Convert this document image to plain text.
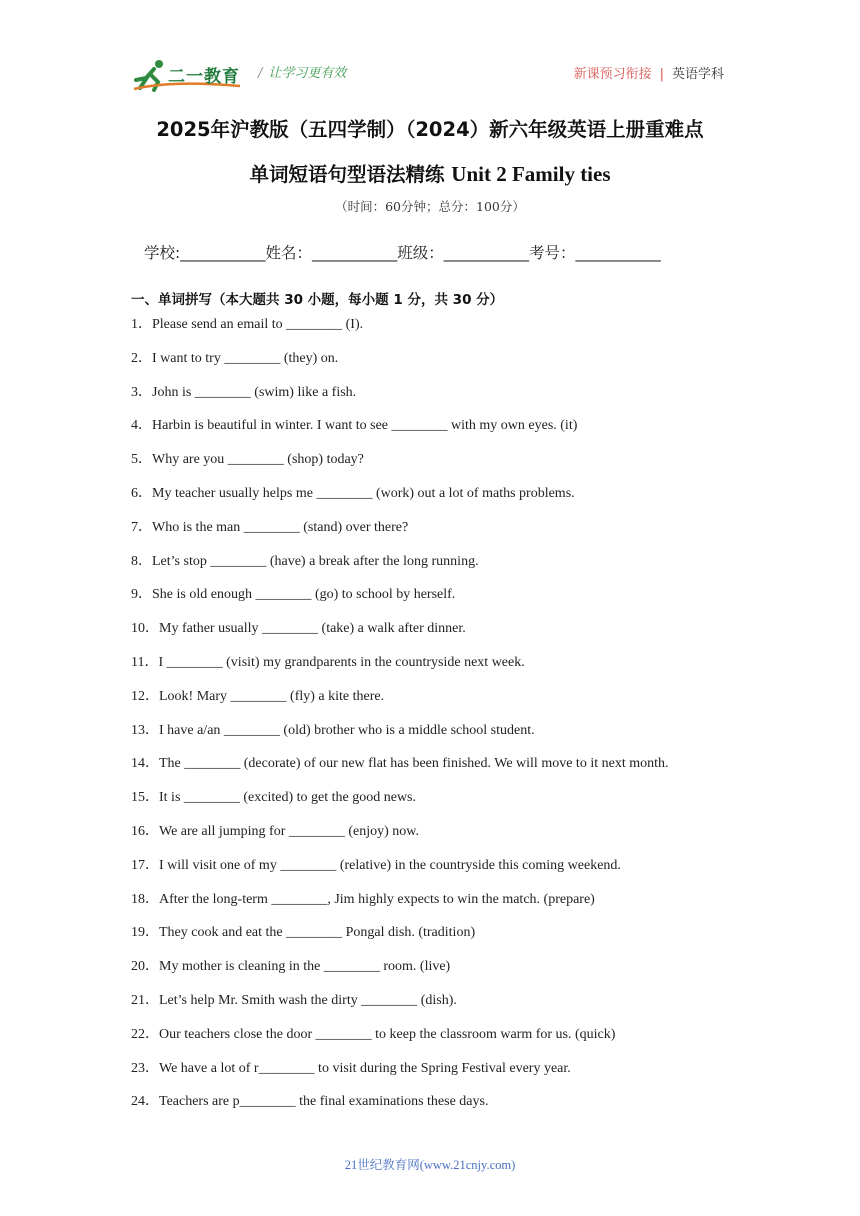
二一教育 / 让学习更有效	新课预习衔接 | 英语学科
2025年沪教版（五四学制）（2024）新六年级英语上册重难点
单词短语句型语法精练 Unit 2 Family ties
（时间：60分钟；总分：100分）
学校:___________姓名：___________班级：___________考号：___________
一、单词拼写（本大题共 30 小题，每小题 1 分，共 30 分）
1．Please send an email to ________ (I).
2．I want to try ________ (they) on.
3．John is ________ (swim) like a fish.
4．Harbin is beautiful in winter. I want to see ________ with my own eyes. (it)
5．Why are you ________ (shop) today?
6．My teacher usually helps me ________ (work) out a lot of maths problems.
7．Who is the man ________ (stand) over there?
8．Let’s stop ________ (have) a break after the long running.
9．She is old enough ________ (go) to school by herself.
10．My father usually ________ (take) a walk after dinner.
11．I ________ (visit) my grandparents in the countryside next week.
12．Look! Mary ________ (fly) a kite there.
13．I have a/an ________ (old) brother who is a middle school student.
14．The ________ (decorate) of our new flat has been finished. We will move to it next month.
15．It is ________ (excited) to get the good news.
16．We are all jumping for ________ (enjoy) now.
17．I will visit one of my ________ (relative) in the countryside this coming weekend.
18．After the long-term ________, Jim highly expects to win the match. (prepare)
19．They cook and eat the ________ Pongal dish. (tradition)
20．My mother is cleaning in the ________ room. (live)
21．Let’s help Mr. Smith wash the dirty ________ (dish).
22．Our teachers close the door ________ to keep the classroom warm for us. (quick)
23．We have a lot of r________ to visit during the Spring Festival every year.
24．Teachers are p________ the final examinations these days.
21世纪教育网(www.21cnjy.com)
